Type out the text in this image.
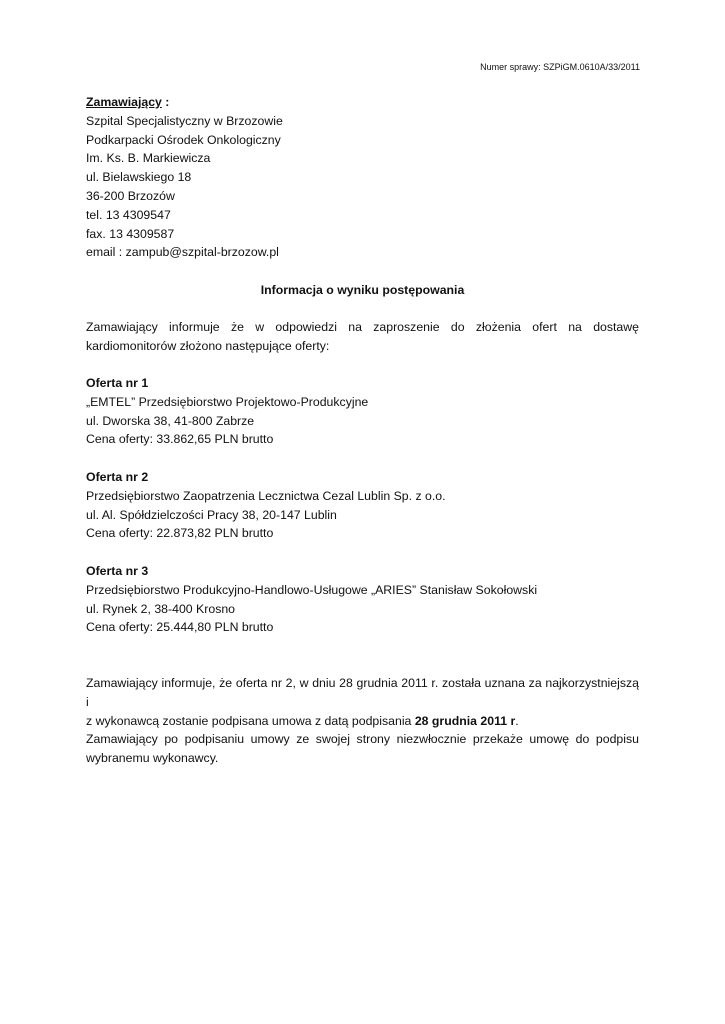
Numer sprawy: SZPiGM.0610A/33/2011
Zamawiający :
Szpital Specjalistyczny w Brzozowie
Podkarpacki Ośrodek Onkologiczny
Im. Ks. B. Markiewicza
ul. Bielawskiego 18
36-200 Brzozów
tel. 13 4309547
fax. 13 4309587
email : zampub@szpital-brzozow.pl
Informacja o wyniku postępowania
Zamawiający informuje że w odpowiedzi na zaproszenie do złożenia ofert na dostawę
kardiomonitorów złożono następujące oferty:
Oferta nr 1
„EMTEL” Przedsiębiorstwo Projektowo-Produkcyjne
ul. Dworska 38, 41-800 Zabrze
Cena oferty: 33.862,65 PLN brutto
Oferta nr 2
Przedsiębiorstwo Zaopatrzenia Lecznictwa Cezal Lublin Sp. z o.o.
ul. Al. Spółdzielczości Pracy 38, 20-147 Lublin
Cena oferty: 22.873,82 PLN brutto
Oferta nr 3
Przedsiębiorstwo Produkcyjno-Handlowo-Usługowe „ARIES” Stanisław Sokołowski
ul. Rynek 2, 38-400 Krosno
Cena oferty: 25.444,80 PLN brutto
Zamawiający informuje, że oferta nr 2, w dniu 28 grudnia 2011 r. została uznana za najkorzystniejszą i
z wykonawcą zostanie podpisana umowa z datą podpisania 28 grudnia 2011 r.
Zamawiający po podpisaniu umowy ze swojej strony niezwłocznie przekaże umowę do podpisu
wybranemu wykonawcy.
